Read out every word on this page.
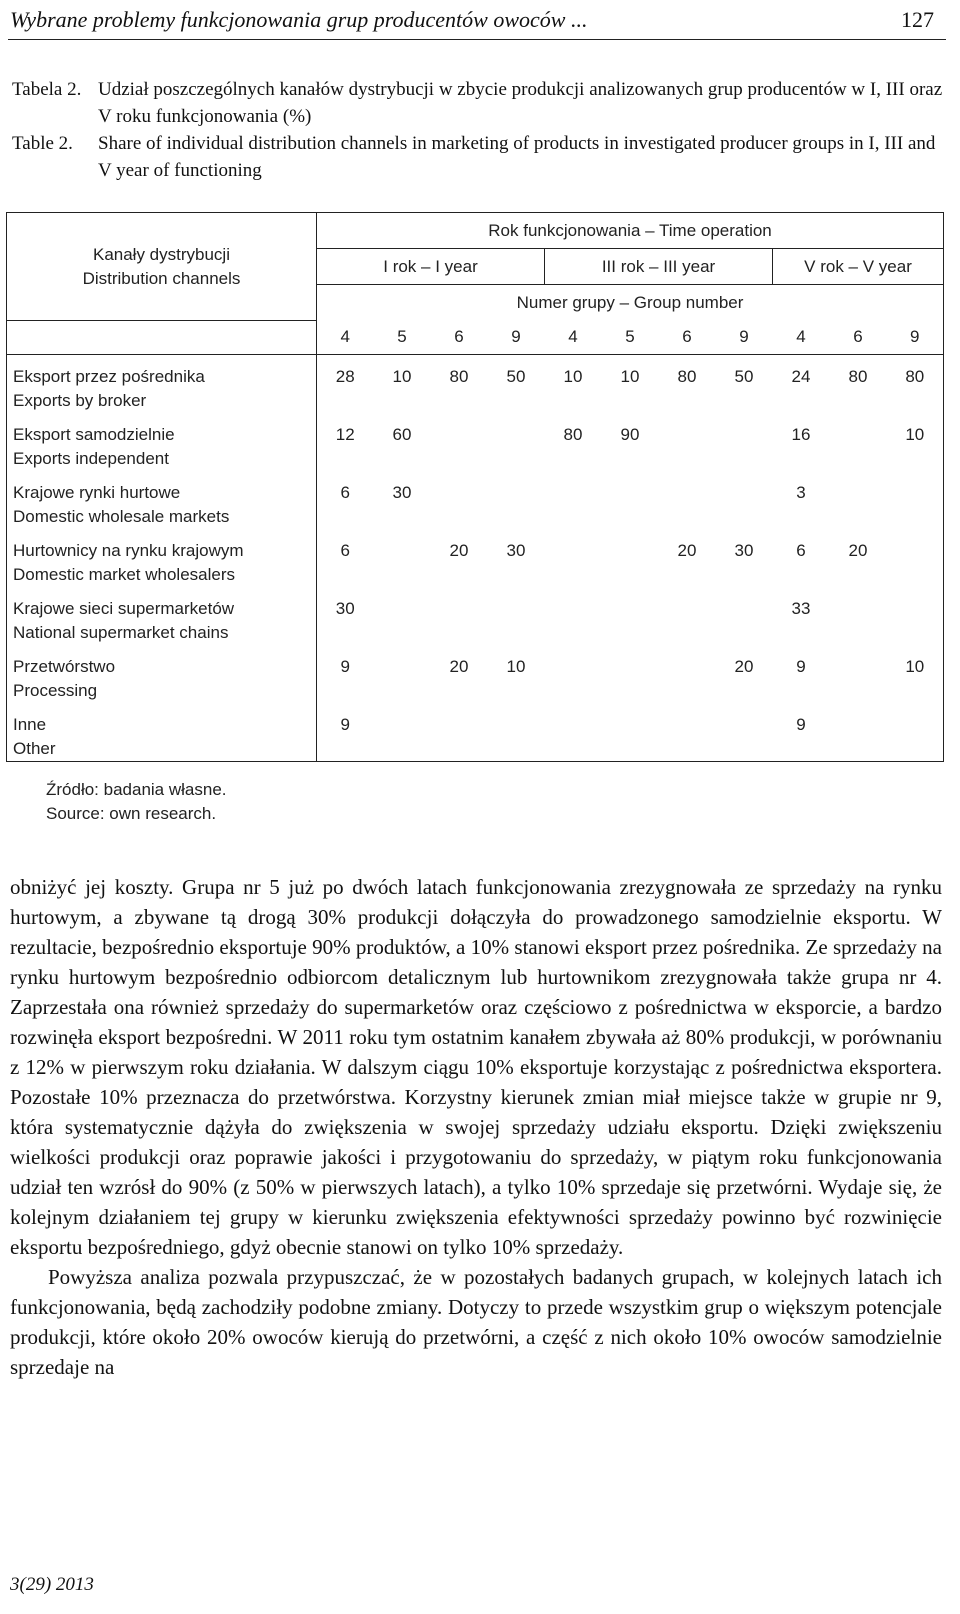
Wybrane problemy funkcjonowania grup producentów owoców ...	127
Tabela 2. Udział poszczególnych kanałów dystrybucji w zbycie produkcji analizowanych grup producentów w I, III oraz V roku funkcjonowania (%)
Table 2. Share of individual distribution channels in marketing of products in investigated producer groups in I, III and V year of functioning
Kanały dystrybucji
Distribution channels	Rok funkcjonowania – Time operation										
	I rok – I year				III rok – III year				V rok – V year		
	Numer grupy – Group number										
	4	5	6	9	4	5	6	9	4	6	9

Eksport przez pośrednika
Exports by broker	28	10	80	50	10	10	80	50	24	80	80

Eksport samodzielnie
Exports independent	12	60			80	90			16		10

Krajowe rynki hurtowe
Domestic wholesale markets	6	30							3		

Hurtownicy na rynku krajowym
Domestic market wholesalers	6		20	30			20	30	6	20	

Krajowe sieci supermarketów
National supermarket chains	30								33		

Przetwórstwo
Processing	9		20	10				20	9		10

Inne
Other	9								9		
Źródło: badania własne.
Source: own research.

obniżyć jej koszty. Grupa nr 5 już po dwóch latach funkcjonowania zrezygnowała ze sprzedaży na rynku hurtowym, a zbywane tą drogą 30% produkcji dołączyła do prowadzonego samodzielnie eksportu. W rezultacie, bezpośrednio eksportuje 90% produktów, a 10% stanowi eksport przez pośrednika. Ze sprzedaży na rynku hurtowym bezpośrednio odbiorcom detalicznym lub hurtownikom zrezygnowała także grupa nr 4. Zaprzestała ona również sprzedaży do supermarketów oraz częściowo z pośrednictwa w eksporcie, a bardzo rozwinęła eksport bezpośredni. W 2011 roku tym ostatnim kanałem zbywała aż 80% produkcji, w porównaniu z 12% w pierwszym roku działania. W dalszym ciągu 10% eksportuje korzystając z pośrednictwa eksportera. Pozostałe 10% przeznacza do przetwórstwa. Korzystny kierunek zmian miał miejsce także w grupie nr 9, która systematycznie dążyła do zwiększenia w swojej sprzedaży udziału eksportu. Dzięki zwiększeniu wielkości produkcji oraz poprawie jakości i przygotowaniu do sprzedaży, w piątym roku funkcjonowania udział ten wzrósł do 90% (z 50% w pierwszych latach), a tylko 10% sprzedaje się przetwórni. Wydaje się, że kolejnym działaniem tej grupy w kierunku zwiększenia efektywności sprzedaży powinno być rozwinięcie eksportu bezpośredniego, gdyż obecnie stanowi on tylko 10% sprzedaży.

Powyższa analiza pozwala przypuszczać, że w pozostałych badanych grupach, w kolejnych latach ich funkcjonowania, będą zachodziły podobne zmiany. Dotyczy to przede wszystkim grup o większym potencjale produkcji, które około 20% owoców kierują do przetwórni, a część z nich około 10% owoców samodzielnie sprzedaje na

3(29) 2013
